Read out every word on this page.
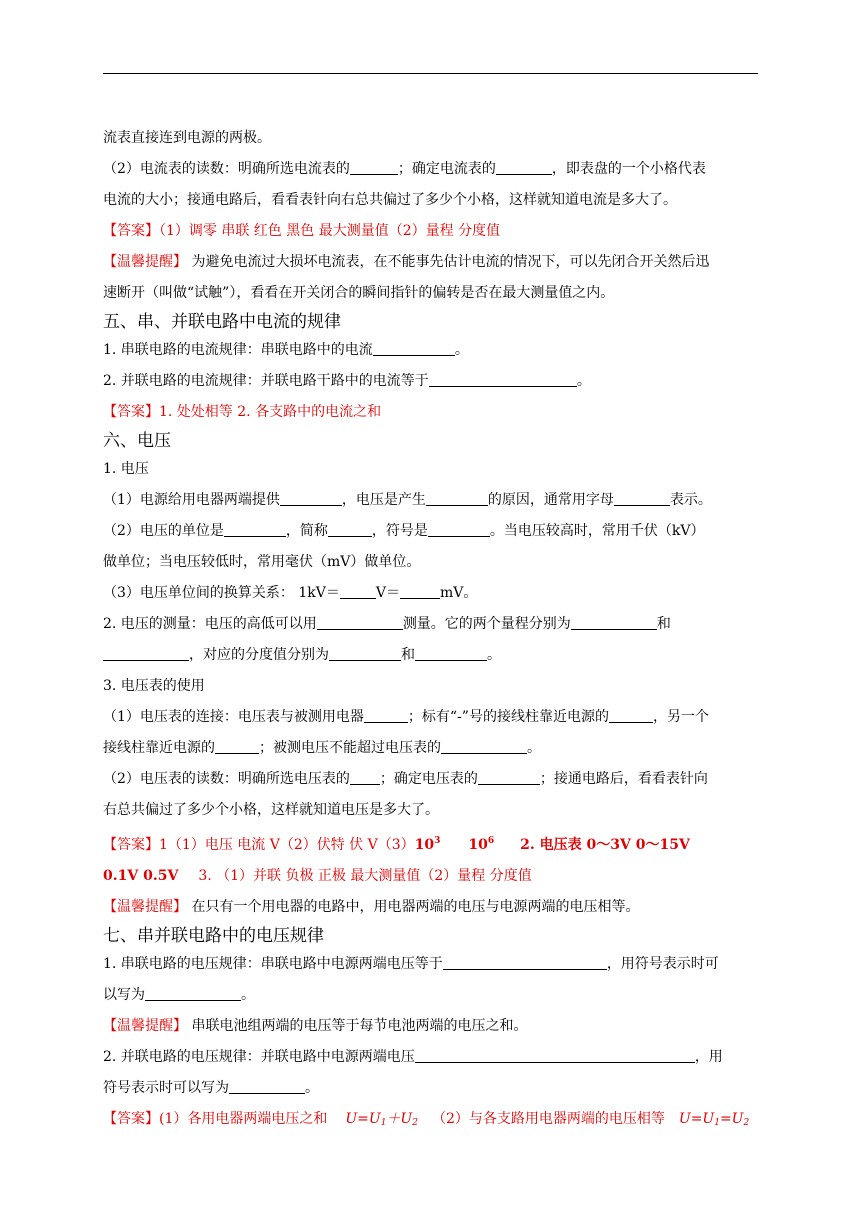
流表直接连到电源的两极。
（2）电流表的读数：明确所选电流表的	；确定电流表的	，即表盘的一个小格代表
电流的大小；接通电路后，看看表针向右总共偏过了多少个小格，这样就知道电流是多大了。
【答案】（1）调零 串联 红色 黑色 最大测量值（2）量程 分度值
【温馨提醒】 为避免电流过大损坏电流表，在不能事先估计电流的情况下，可以先闭合开关然后迅
速断开（叫做“试触”），看看在开关闭合的瞬间指针的偏转是否在最大测量值之内。
五、串、并联电路中电流的规律
1. 串联电路的电流规律：串联电路中的电流	。
2. 并联电路的电流规律：并联电路干路中的电流等于	。
【答案】1. 处处相等 2. 各支路中的电流之和
六、电压
1. 电压
（1）电源给用电器两端提供	，电压是产生	的原因，通常用字母	表示。
（2）电压的单位是	，简称	，符号是	。当电压较高时，常用千伏（kV）
做单位；当电压较低时，常用毫伏（mV）做单位。
（3）电压单位间的换算关系： 1kV＝	V＝	mV。
2. 电压的测量：电压的高低可以用	测量。它的两个量程分别为	和
，对应的分度值分别为	和	。
3. 电压表的使用
（1）电压表的连接：电压表与被测用电器	；标有“-”号的接线柱靠近电源的	，另一个
接线柱靠近电源的	；被测电压不能超过电压表的	。
（2）电压表的读数：明确所选电压表的 ；确定电压表的	；接通电路后，看看表针向
右总共偏过了多少个小格，这样就知道电压是多大了。
【答案】1（1）电压 电流 V（2）伏特 伏 $V(3)10^3$ $10^6$ 2. 电压表 0～3V 0～15V
0.1V 0.5V 3. （1）并联 负极 正极 最大测量值（2）量程 分度值
【温馨提醒】 在只有一个用电器的电路中，用电器两端的电压与电源两端的电压相等。
七、串并联电路中的电压规律
1. 串联电路的电压规律：串联电路中电源两端电压等于	，用符号表示时可
以写为	。
【温馨提醒】 串联电池组两端的电压等于每节电池两端的电压之和。
2. 并联电路的电压规律：并联电路中电源两端电压	，用
符号表示时可以写为	。
【答案】(1）各用电器两端电压之和 $U=U_1+U_2$ （2）与各支路用电器两端的电压相等 $U=U_1=U_2$
